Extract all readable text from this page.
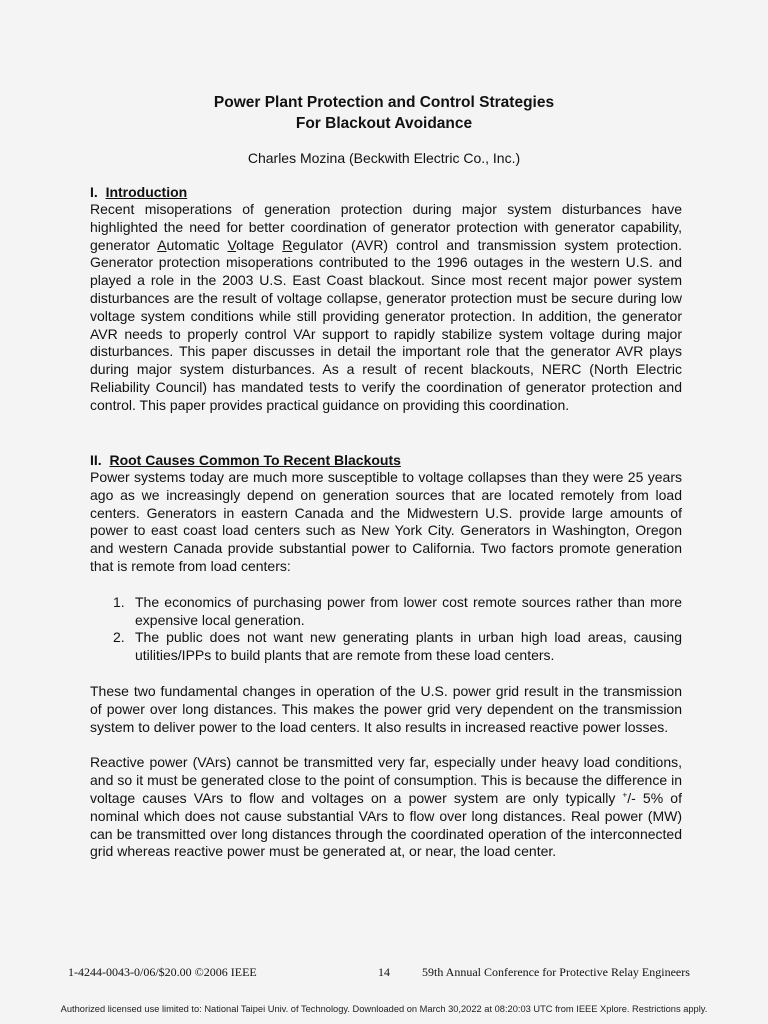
Power Plant Protection and Control Strategies
For Blackout Avoidance
Charles Mozina (Beckwith Electric Co., Inc.)
I. Introduction

Recent misoperations of generation protection during major system disturbances have highlighted the need for better coordination of generator protection with generator capability, generator Automatic Voltage Regulator (AVR) control and transmission system protection. Generator protection misoperations contributed to the 1996 outages in the western U.S. and played a role in the 2003 U.S. East Coast blackout. Since most recent major power system disturbances are the result of voltage collapse, generator protection must be secure during low voltage system conditions while still providing generator protection. In addition, the generator AVR needs to properly control VAr support to rapidly stabilize system voltage during major disturbances. This paper discusses in detail the important role that the generator AVR plays during major system disturbances. As a result of recent blackouts, NERC (North Electric Reliability Council) has mandated tests to verify the coordination of generator protection and control. This paper provides practical guidance on providing this coordination.

II. Root Causes Common To Recent Blackouts

Power systems today are much more susceptible to voltage collapses than they were 25 years ago as we increasingly depend on generation sources that are located remotely from load centers. Generators in eastern Canada and the Midwestern U.S. provide large amounts of power to east coast load centers such as New York City. Generators in Washington, Oregon and western Canada provide substantial power to California. Two factors promote generation that is remote from load centers:

1. The economics of purchasing power from lower cost remote sources rather than more expensive local generation.
2. The public does not want new generating plants in urban high load areas, causing utilities/IPPs to build plants that are remote from these load centers.

These two fundamental changes in operation of the U.S. power grid result in the transmission of power over long distances. This makes the power grid very dependent on the transmission system to deliver power to the load centers. It also results in increased reactive power losses.

Reactive power (VArs) cannot be transmitted very far, especially under heavy load conditions, and so it must be generated close to the point of consumption. This is because the difference in voltage causes VArs to flow and voltages on a power system are only typically +/- 5% of nominal which does not cause substantial VArs to flow over long distances. Real power (MW) can be transmitted over long distances through the coordinated operation of the interconnected grid whereas reactive power must be generated at, or near, the load center.

1-4244-0043-0/06/$20.00 ©2006 IEEE	14	59th Annual Conference for Protective Relay Engineers
Authorized licensed use limited to: National Taipei Univ. of Technology. Downloaded on March 30,2022 at 08:20:03 UTC from IEEE Xplore. Restrictions apply.
